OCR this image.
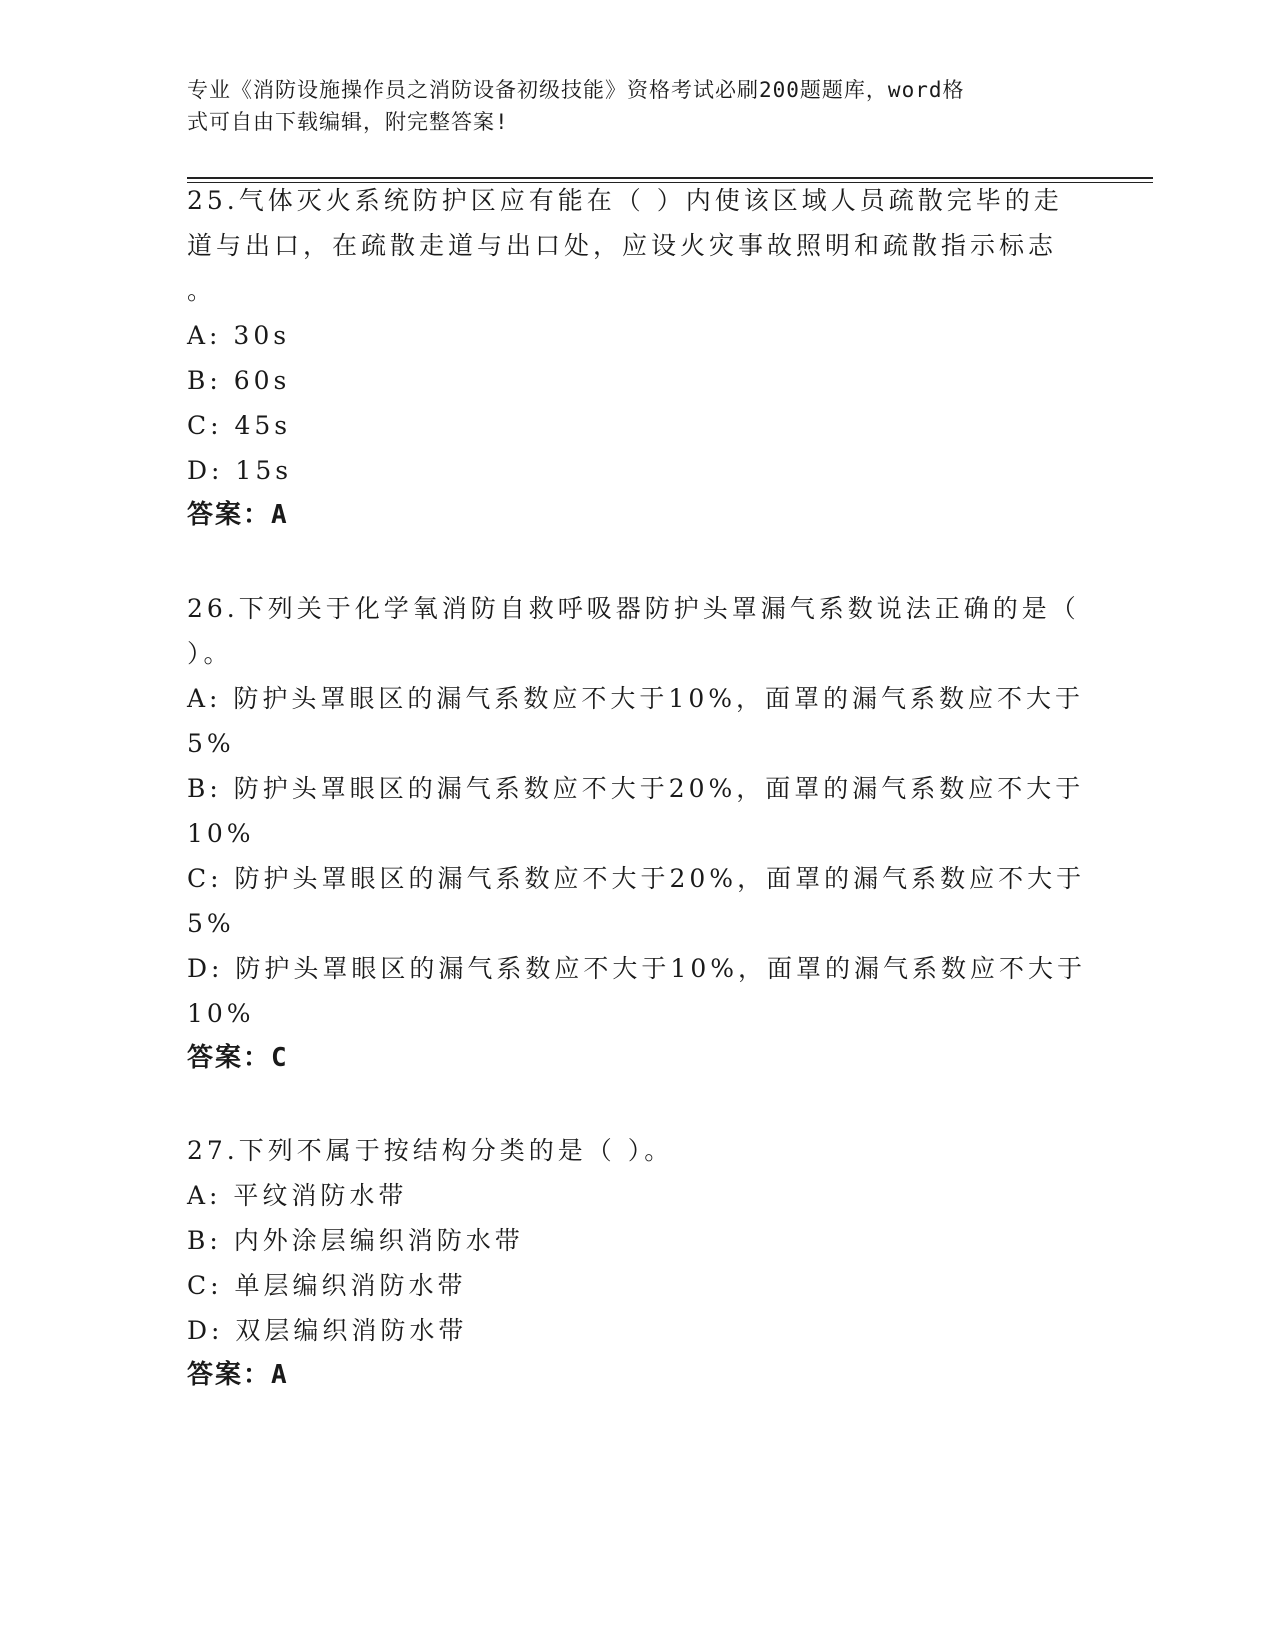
专业《消防设施操作员之消防设备初级技能》资格考试必刷200题题库，word格
式可自由下载编辑，附完整答案!
25.气体灭火系统防护区应有能在（ ）内使该区域人员疏散完毕的走
道与出口，在疏散走道与出口处，应设火灾事故照明和疏散指示标志
。
A: 30s
B: 60s
C: 45s
D: 15s
答案：A
26.下列关于化学氧消防自救呼吸器防护头罩漏气系数说法正确的是（
）。
A: 防护头罩眼区的漏气系数应不大于10%，面罩的漏气系数应不大于
5%
B: 防护头罩眼区的漏气系数应不大于20%，面罩的漏气系数应不大于
10%
C: 防护头罩眼区的漏气系数应不大于20%，面罩的漏气系数应不大于
5%
D: 防护头罩眼区的漏气系数应不大于10%，面罩的漏气系数应不大于
10%
答案：C
27.下列不属于按结构分类的是（ ）。
A: 平纹消防水带
B: 内外涂层编织消防水带
C: 单层编织消防水带
D: 双层编织消防水带
答案：A
